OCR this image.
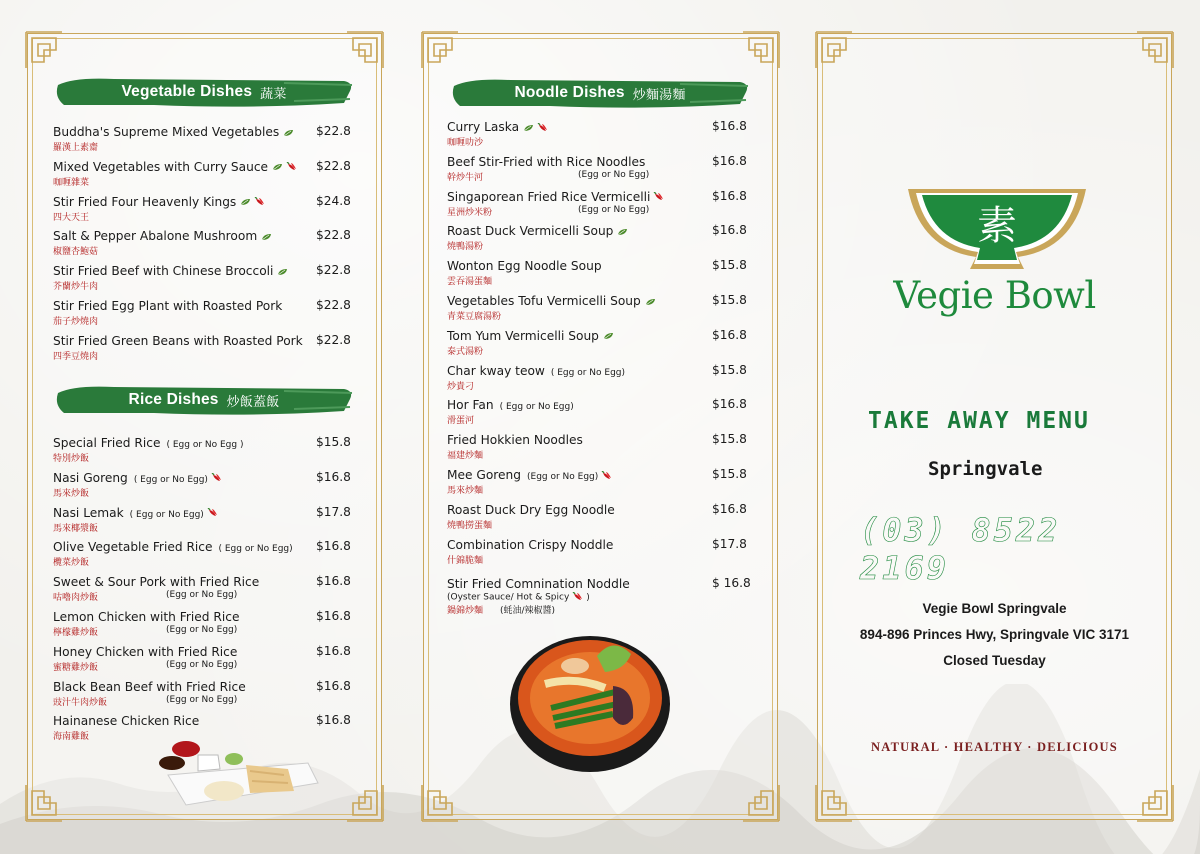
Vegetable Dishes 蔬菜
Rice Dishes 炒飯蓋飯
Buddha's Supreme Mixed Vegetables
羅漢上素齋
$22.8
Mixed Vegetables with Curry Sauce
咖喱雜菜
$22.8
Stir Fried Four Heavenly Kings
四大天王
$24.8
Salt & Pepper Abalone Mushroom
椒鹽杏鮑菇
$22.8
Stir Fried Beef with Chinese Broccoli
芥蘭炒牛肉
$22.8
Stir Fried Egg Plant with Roasted Pork
茄子炒燒肉
$22.8
Stir Fried Green Beans with Roasted Pork
四季豆燒肉
$22.8
Special Fried Rice ( Egg or No Egg )
特別炒飯
$15.8
Nasi Goreng ( Egg or No Egg)
馬來炒飯
$16.8
Nasi Lemak ( Egg or No Egg)
馬來椰漿飯
$17.8
Olive Vegetable Fried Rice ( Egg or No Egg)
欖菜炒飯
$16.8
Sweet & Sour Pork with Fried Rice
咕嚕肉炒飯	(Egg or No Egg)
$16.8
Lemon Chicken with Fried Rice
檸檬雞炒飯	(Egg or No Egg)
$16.8
Honey Chicken with Fried Rice
蜜糖雞炒飯	(Egg or No Egg)
$16.8
Black Bean Beef with Fried Rice
豉汁牛肉炒飯	(Egg or No Egg)
$16.8
Hainanese Chicken Rice
海南雞飯
$16.8
Noodle Dishes 炒麵湯麵
Curry Laska
咖喱叻沙
$16.8
Beef Stir-Fried with Rice Noodles
幹炒牛河	(Egg or No Egg)
$16.8
Singaporean Fried Rice Vermicelli
星洲炒米粉	(Egg or No Egg)
$16.8
Roast Duck Vermicelli Soup
燒鴨湯粉
$16.8
Wonton Egg Noodle Soup
雲吞湯蛋麵
$15.8
Vegetables Tofu Vermicelli Soup
青菜豆腐湯粉
$15.8
Tom Yum Vermicelli Soup
泰式湯粉
$16.8
Char kway teow ( Egg or No Egg)
炒貴刁
$15.8
Hor Fan ( Egg or No Egg)
滑蛋河
$16.8
Fried Hokkien Noodles
福建炒麵
$15.8
Mee Goreng (Egg or No Egg)
馬來炒麵
$15.8
Roast Duck Dry Egg Noodle
燒鴨撈蛋麵
$16.8
Combination Crispy Noddle
什錦脆麵
$17.8
Stir Fried Comnination Noddle
鍋錦炒麵 (蚝油/辣椒醬)
(Oyster Sauce/ Hot & Spicy )
$ 16.8
素
Vegie Bowl
TAKE AWAY MENU
Springvale
(03) 8522 2169
Vegie Bowl Springvale
894-896 Princes Hwy, Springvale VIC 3171
Closed Tuesday
NATURAL · HEALTHY · DELICIOUS
